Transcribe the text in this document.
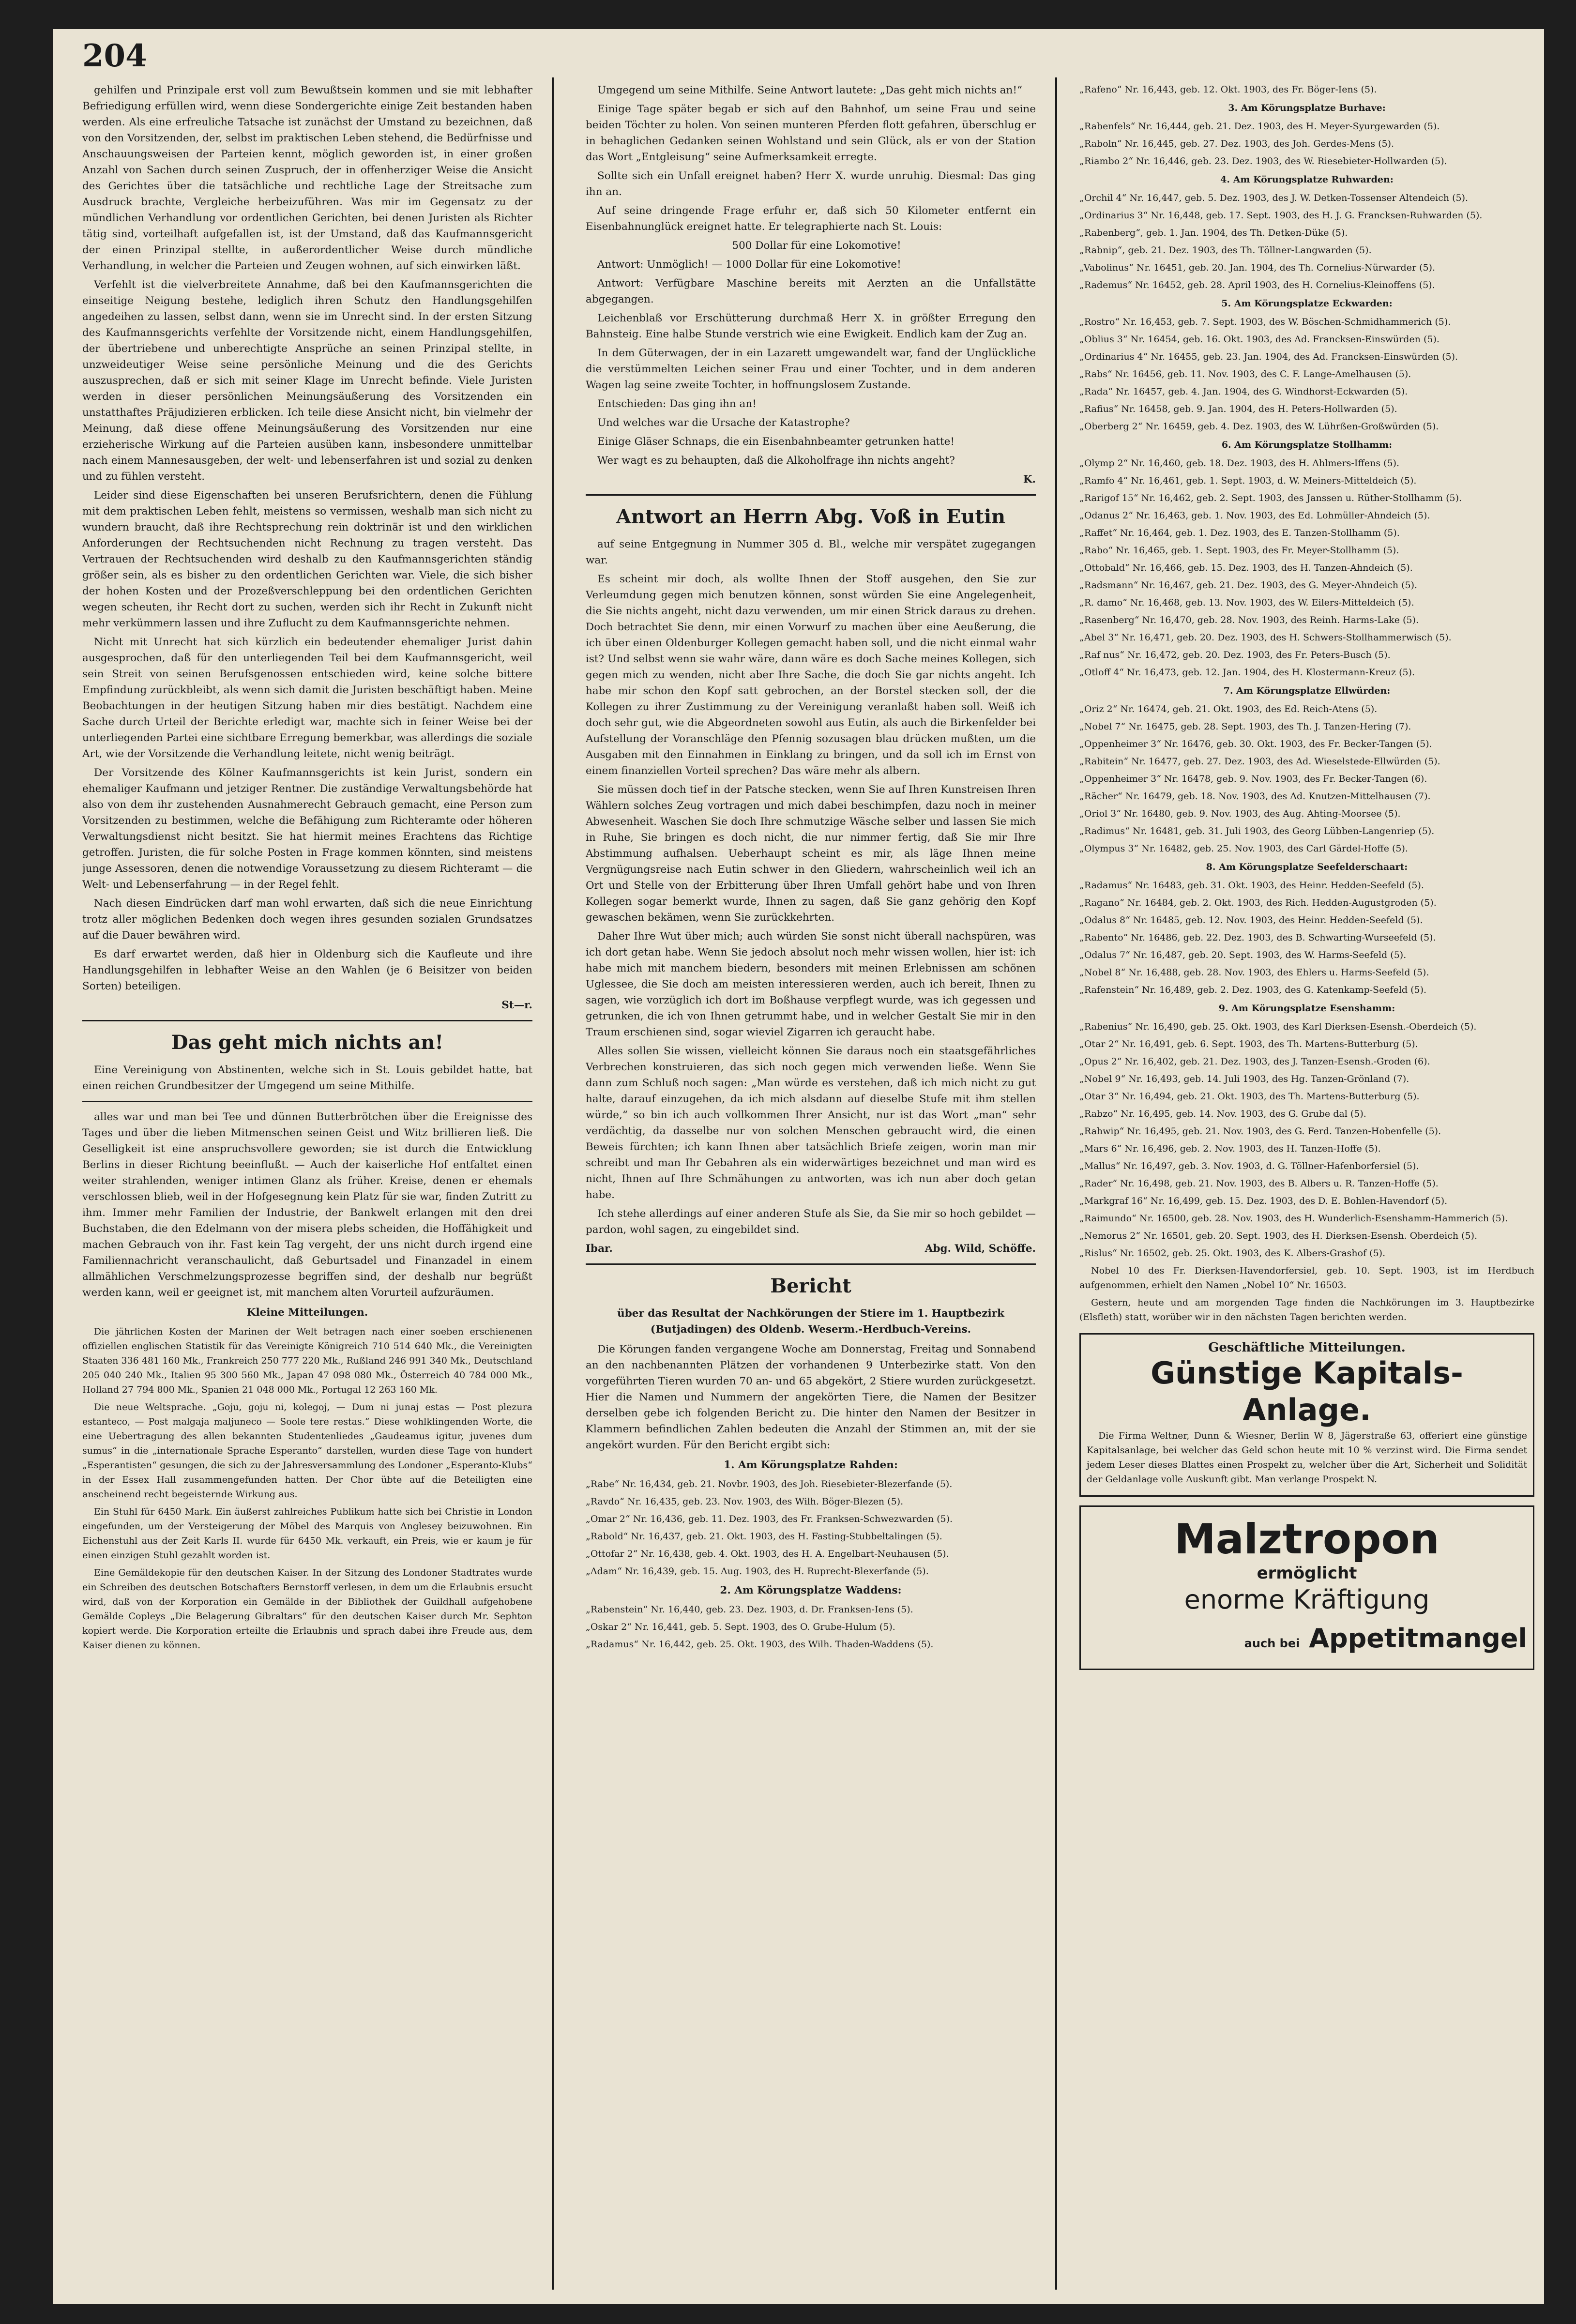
204

gehilfen und Prinzipale erst voll zum Bewußtsein kommen und sie mit lebhafter Befriedigung erfüllen wird, wenn diese Sondergerichte einige Zeit bestanden haben werden. Als eine erfreuliche Tatsache ist zunächst der Umstand zu bezeichnen, daß von den Vorsitzenden, der, selbst im praktischen Leben stehend, die Bedürfnisse und Anschauungsweisen der Parteien kennt, möglich geworden ist, in einer großen Anzahl von Sachen durch seinen Zuspruch, der in offenherziger Weise die Ansicht des Gerichtes über die tatsächliche und rechtliche Lage der Streitsache zum Ausdruck brachte, Vergleiche herbeizuführen. Was mir im Gegensatz zu der mündlichen Verhandlung vor ordentlichen Gerichten, bei denen Juristen als Richter tätig sind, vorteilhaft aufgefallen ist, ist der Umstand, daß das Kaufmannsgericht der einen Prinzipal stellte, in außerordentlicher Weise durch mündliche Verhandlung, in welcher die Parteien und Zeugen wohnen, auf sich einwirken läßt.

Verfehlt ist die vielverbreitete Annahme, daß bei den Kaufmannsgerichten die einseitige Neigung bestehe, lediglich ihren Schutz den Handlungsgehilfen angedeihen zu lassen, selbst dann, wenn sie im Unrecht sind. In der ersten Sitzung des Kaufmannsgerichts verfehlte der Vorsitzende nicht, einem Handlungsgehilfen, der übertriebene und unberechtigte Ansprüche an seinen Prinzipal stellte, in unzweideutiger Weise seine persönliche Meinung und die des Gerichts auszusprechen, daß er sich mit seiner Klage im Unrecht befinde. Viele Juristen werden in dieser persönlichen Meinungsäußerung des Vorsitzenden ein unstatthaftes Präjudizieren erblicken. Ich teile diese Ansicht nicht, bin vielmehr der Meinung, daß diese offene Meinungsäußerung des Vorsitzenden nur eine erzieherische Wirkung auf die Parteien ausüben kann, insbesondere unmittelbar nach einem Mannesausgeben, der welt- und lebenserfahren ist und sozial zu denken und zu fühlen versteht.

Leider sind diese Eigenschaften bei unseren Berufsrichtern, denen die Fühlung mit dem praktischen Leben fehlt, meistens so vermissen, weshalb man sich nicht zu wundern braucht, daß ihre Rechtsprechung rein doktrinär ist und den wirklichen Anforderungen der Rechtsuchenden nicht Rechnung zu tragen versteht. Das Vertrauen der Rechtsuchenden wird deshalb zu den Kaufmannsgerichten ständig größer sein, als es bisher zu den ordentlichen Gerichten war. Viele, die sich bisher der hohen Kosten und der Prozeßverschleppung bei den ordentlichen Gerichten wegen scheuten, ihr Recht dort zu suchen, werden sich ihr Recht in Zukunft nicht mehr verkümmern lassen und ihre Zuflucht zu dem Kaufmannsgerichte nehmen.

Nicht mit Unrecht hat sich kürzlich ein bedeutender ehemaliger Jurist dahin ausgesprochen, daß für den unterliegenden Teil bei dem Kaufmannsgericht, weil sein Streit von seinen Berufsgenossen entschieden wird, keine solche bittere Empfindung zurückbleibt, als wenn sich damit die Juristen beschäftigt haben. Meine Beobachtungen in der heutigen Sitzung haben mir dies bestätigt. Nachdem eine Sache durch Urteil der Berichte erledigt war, machte sich in feiner Weise bei der unterliegenden Partei eine sichtbare Erregung bemerkbar, was allerdings die soziale Art, wie der Vorsitzende die Verhandlung leitete, nicht wenig beiträgt.

Der Vorsitzende des Kölner Kaufmannsgerichts ist kein Jurist, sondern ein ehemaliger Kaufmann und jetziger Rentner. Die zuständige Verwaltungsbehörde hat also von dem ihr zustehenden Ausnahmerecht Gebrauch gemacht, eine Person zum Vorsitzenden zu bestimmen, welche die Befähigung zum Richteramte oder höheren Verwaltungsdienst nicht besitzt. Sie hat hiermit meines Erachtens das Richtige getroffen. Juristen, die für solche Posten in Frage kommen könnten, sind meistens junge Assessoren, denen die notwendige Voraussetzung zu diesem Richteramt — die Welt- und Lebenserfahrung — in der Regel fehlt.

Nach diesen Eindrücken darf man wohl erwarten, daß sich die neue Einrichtung trotz aller möglichen Bedenken doch wegen ihres gesunden sozialen Grundsatzes auf die Dauer bewähren wird.

Es darf erwartet werden, daß hier in Oldenburg sich die Kaufleute und ihre Handlungsgehilfen in lebhafter Weise an den Wahlen (je 6 Beisitzer von beiden Sorten) beteiligen.

St—r.
Das geht mich nichts an!

Eine Vereinigung von Abstinenten, welche sich in St. Louis gebildet hatte, bat einen reichen Grundbesitzer der Umgegend um seine Mithilfe.

alles war und man bei Tee und dünnen Butterbrötchen über die Ereignisse des Tages und über die lieben Mitmenschen seinen Geist und Witz brillieren ließ. Die Geselligkeit ist eine anspruchsvollere geworden; sie ist durch die Entwicklung Berlins in dieser Richtung beeinflußt. — Auch der kaiserliche Hof entfaltet einen weiter strahlenden, weniger intimen Glanz als früher. Kreise, denen er ehemals verschlossen blieb, weil in der Hofgesegnung kein Platz für sie war, finden Zutritt zu ihm. Immer mehr Familien der Industrie, der Bankwelt erlangen mit den drei Buchstaben, die den Edelmann von der misera plebs scheiden, die Hoffähigkeit und machen Gebrauch von ihr. Fast kein Tag vergeht, der uns nicht durch irgend eine Familiennachricht veranschaulicht, daß Geburtsadel und Finanzadel in einem allmählichen Verschmelzungsprozesse begriffen sind, der deshalb nur begrüßt werden kann, weil er geeignet ist, mit manchem alten Vorurteil aufzuräumen.

Kleine Mitteilungen.

Die jährlichen Kosten der Marinen der Welt betragen nach einer soeben erschienenen offiziellen englischen Statistik für das Vereinigte Königreich 710 514 640 Mk., die Vereinigten Staaten 336 481 160 Mk., Frankreich 250 777 220 Mk., Rußland 246 991 340 Mk., Deutschland 205 040 240 Mk., Italien 95 300 560 Mk., Japan 47 098 080 Mk., Österreich 40 784 000 Mk., Holland 27 794 800 Mk., Spanien 21 048 000 Mk., Portugal 12 263 160 Mk.

Die neue Weltsprache. „Goju, goju ni, kolegoj, — Dum ni junaj estas — Post plezura estanteco, — Post malgaja maljuneco — Soole tere restas.“ Diese wohlklingenden Worte, die eine Uebertragung des allen bekannten Studentenliedes „Gaudeamus igitur, juvenes dum sumus“ in die „internationale Sprache Esperanto“ darstellen, wurden diese Tage von hundert „Esperantisten“ gesungen, die sich zu der Jahresversammlung des Londoner „Esperanto-Klubs“ in der Essex Hall zusammengefunden hatten. Der Chor übte auf die Beteiligten eine anscheinend recht begeisternde Wirkung aus.

Ein Stuhl für 6450 Mark. Ein äußerst zahlreiches Publikum hatte sich bei Christie in London eingefunden, um der Versteigerung der Möbel des Marquis von Anglesey beizuwohnen. Ein Eichenstuhl aus der Zeit Karls II. wurde für 6450 Mk. verkauft, ein Preis, wie er kaum je für einen einzigen Stuhl gezahlt worden ist.

Eine Gemäldekopie für den deutschen Kaiser. In der Sitzung des Londoner Stadtrates wurde ein Schreiben des deutschen Botschafters Bernstorff verlesen, in dem um die Erlaubnis ersucht wird, daß von der Korporation ein Gemälde in der Bibliothek der Guildhall aufgehobene Gemälde Copleys „Die Belagerung Gibraltars“ für den deutschen Kaiser durch Mr. Sephton kopiert werde. Die Korporation erteilte die Erlaubnis und sprach dabei ihre Freude aus, dem Kaiser dienen zu können.

Umgegend um seine Mithilfe. Seine Antwort lautete: „Das geht mich nichts an!“

Einige Tage später begab er sich auf den Bahnhof, um seine Frau und seine beiden Töchter zu holen. Von seinen munteren Pferden flott gefahren, überschlug er in behaglichen Gedanken seinen Wohlstand und sein Glück, als er von der Station das Wort „Entgleisung“ seine Aufmerksamkeit erregte.

Sollte sich ein Unfall ereignet haben? Herr X. wurde unruhig. Diesmal: Das ging ihn an.

Auf seine dringende Frage erfuhr er, daß sich 50 Kilometer entfernt ein Eisenbahnunglück ereignet hatte. Er telegraphierte nach St. Louis:

500 Dollar für eine Lokomotive!

Antwort: Unmöglich! — 1000 Dollar für eine Lokomotive!

Antwort: Verfügbare Maschine bereits mit Aerzten an die Unfallstätte abgegangen.

Leichenblaß vor Erschütterung durchmaß Herr X. in größter Erregung den Bahnsteig. Eine halbe Stunde verstrich wie eine Ewigkeit. Endlich kam der Zug an.

In dem Güterwagen, der in ein Lazarett umgewandelt war, fand der Unglückliche die verstümmelten Leichen seiner Frau und einer Tochter, und in dem anderen Wagen lag seine zweite Tochter, in hoffnungslosem Zustande.

Entschieden: Das ging ihn an!

Und welches war die Ursache der Katastrophe?

Einige Gläser Schnaps, die ein Eisenbahnbeamter getrunken hatte!

Wer wagt es zu behaupten, daß die Alkoholfrage ihn nichts angeht?

K.
Antwort an Herrn Abg. Voß in Eutin

auf seine Entgegnung in Nummer 305 d. Bl., welche mir verspätet zugegangen war.

Es scheint mir doch, als wollte Ihnen der Stoff ausgehen, den Sie zur Verleumdung gegen mich benutzen können, sonst würden Sie eine Angelegenheit, die Sie nichts angeht, nicht dazu verwenden, um mir einen Strick daraus zu drehen. Doch betrachtet Sie denn, mir einen Vorwurf zu machen über eine Aeußerung, die ich über einen Oldenburger Kollegen gemacht haben soll, und die nicht einmal wahr ist? Und selbst wenn sie wahr wäre, dann wäre es doch Sache meines Kollegen, sich gegen mich zu wenden, nicht aber Ihre Sache, die doch Sie gar nichts angeht. Ich habe mir schon den Kopf satt gebrochen, an der Borstel stecken soll, der die Kollegen zu ihrer Zustimmung zu der Vereinigung veranlaßt haben soll. Weiß ich doch sehr gut, wie die Abgeordneten sowohl aus Eutin, als auch die Birkenfelder bei Aufstellung der Voranschläge den Pfennig sozusagen blau drücken mußten, um die Ausgaben mit den Einnahmen in Einklang zu bringen, und da soll ich im Ernst von einem finanziellen Vorteil sprechen? Das wäre mehr als albern.

Sie müssen doch tief in der Patsche stecken, wenn Sie auf Ihren Kunstreisen Ihren Wählern solches Zeug vortragen und mich dabei beschimpfen, dazu noch in meiner Abwesenheit. Waschen Sie doch Ihre schmutzige Wäsche selber und lassen Sie mich in Ruhe, Sie bringen es doch nicht, die nur nimmer fertig, daß Sie mir Ihre Abstimmung aufhalsen. Ueberhaupt scheint es mir, als läge Ihnen meine Vergnügungsreise nach Eutin schwer in den Gliedern, wahrscheinlich weil ich an Ort und Stelle von der Erbitterung über Ihren Umfall gehört habe und von Ihren Kollegen sogar bemerkt wurde, Ihnen zu sagen, daß Sie ganz gehörig den Kopf gewaschen bekämen, wenn Sie zurückkehrten.

Daher Ihre Wut über mich; auch würden Sie sonst nicht überall nachspüren, was ich dort getan habe. Wenn Sie jedoch absolut noch mehr wissen wollen, hier ist: ich habe mich mit manchem biedern, besonders mit meinen Erlebnissen am schönen Uglessee, die Sie doch am meisten interessieren werden, auch ich bereit, Ihnen zu sagen, wie vorzüglich ich dort im Boßhause verpflegt wurde, was ich gegessen und getrunken, die ich von Ihnen getrummt habe, und in welcher Gestalt Sie mir in den Traum erschienen sind, sogar wieviel Zigarren ich geraucht habe.

Alles sollen Sie wissen, vielleicht können Sie daraus noch ein staatsgefährliches Verbrechen konstruieren, das sich noch gegen mich verwenden ließe. Wenn Sie dann zum Schluß noch sagen: „Man würde es verstehen, daß ich mich nicht zu gut halte, darauf einzugehen, da ich mich alsdann auf dieselbe Stufe mit ihm stellen würde,“ so bin ich auch vollkommen Ihrer Ansicht, nur ist das Wort „man“ sehr verdächtig, da dasselbe nur von solchen Menschen gebraucht wird, die einen Beweis fürchten; ich kann Ihnen aber tatsächlich Briefe zeigen, worin man mir schreibt und man Ihr Gebahren als ein widerwärtiges bezeichnet und man wird es nicht, Ihnen auf Ihre Schmähungen zu antworten, was ich nun aber doch getan habe.

Ich stehe allerdings auf einer anderen Stufe als Sie, da Sie mir so hoch gebildet — pardon, wohl sagen, zu eingebildet sind.

Ibar.	Abg. Wild, Schöffe.
Bericht
über das Resultat der Nachkörungen der Stiere im 1. Hauptbezirk (Butjadingen) des Oldenb. Weserm.-Herdbuch-Vereins.

Die Körungen fanden vergangene Woche am Donnerstag, Freitag und Sonnabend an den nachbenannten Plätzen der vorhandenen 9 Unterbezirke statt. Von den vorgeführten Tieren wurden 70 an- und 65 abgekört, 2 Stiere wurden zurückgesetzt. Hier die Namen und Nummern der angekörten Tiere, die Namen der Besitzer derselben gebe ich folgenden Bericht zu. Die hinter den Namen der Besitzer in Klammern befindlichen Zahlen bedeuten die Anzahl der Stimmen an, mit der sie angekört wurden. Für den Bericht ergibt sich:

1. Am Körungsplatze Rahden:

„Rabe“ Nr. 16,434, geb. 21. Novbr. 1903, des Joh. Riesebieter-Blezerfande (5).

„Ravdo“ Nr. 16,435, geb. 23. Nov. 1903, des Wilh. Böger-Blezen (5).

„Omar 2“ Nr. 16,436, geb. 11. Dez. 1903, des Fr. Franksen-Schwezwarden (5).

„Rabold“ Nr. 16,437, geb. 21. Okt. 1903, des H. Fasting-Stubbeltalingen (5).

„Ottofar 2“ Nr. 16,438, geb. 4. Okt. 1903, des H. A. Engelbart-Neuhausen (5).

„Adam“ Nr. 16,439, geb. 15. Aug. 1903, des H. Ruprecht-Blexerfande (5).

2. Am Körungsplatze Waddens:

„Rabenstein“ Nr. 16,440, geb. 23. Dez. 1903, d. Dr. Franksen-Iens (5).

„Oskar 2“ Nr. 16,441, geb. 5. Sept. 1903, des O. Grube-Hulum (5).

„Radamus“ Nr. 16,442, geb. 25. Okt. 1903, des Wilh. Thaden-Waddens (5).

„Rafeno“ Nr. 16,443, geb. 12. Okt. 1903, des Fr. Böger-Iens (5).

3. Am Körungsplatze Burhave:

„Rabenfels“ Nr. 16,444, geb. 21. Dez. 1903, des H. Meyer-Syurgewarden (5).

„Raboln“ Nr. 16,445, geb. 27. Dez. 1903, des Joh. Gerdes-Mens (5).

„Riambo 2“ Nr. 16,446, geb. 23. Dez. 1903, des W. Riesebieter-Hollwarden (5).

4. Am Körungsplatze Ruhwarden:

„Orchil 4“ Nr. 16,447, geb. 5. Dez. 1903, des J. W. Detken-Tossenser Altendeich (5).

„Ordinarius 3“ Nr. 16,448, geb. 17. Sept. 1903, des H. J. G. Francksen-Ruhwarden (5).

„Rabenberg“, geb. 1. Jan. 1904, des Th. Detken-Düke (5).

„Rabnip“, geb. 21. Dez. 1903, des Th. Töllner-Langwarden (5).

„Vabolinus“ Nr. 16451, geb. 20. Jan. 1904, des Th. Cornelius-Nürwarder (5).

„Rademus“ Nr. 16452, geb. 28. April 1903, des H. Cornelius-Kleinoffens (5).

5. Am Körungsplatze Eckwarden:

„Rostro“ Nr. 16,453, geb. 7. Sept. 1903, des W. Böschen-Schmidhammerich (5).

„Oblius 3“ Nr. 16454, geb. 16. Okt. 1903, des Ad. Francksen-Einswürden (5).

„Ordinarius 4“ Nr. 16455, geb. 23. Jan. 1904, des Ad. Francksen-Einswürden (5).

„Rabs“ Nr. 16456, geb. 11. Nov. 1903, des C. F. Lange-Amelhausen (5).

„Rada“ Nr. 16457, geb. 4. Jan. 1904, des G. Windhorst-Eckwarden (5).

„Rafius“ Nr. 16458, geb. 9. Jan. 1904, des H. Peters-Hollwarden (5).

„Oberberg 2“ Nr. 16459, geb. 4. Dez. 1903, des W. Lührßen-Großwürden (5).

6. Am Körungsplatze Stollhamm:

„Olymp 2“ Nr. 16,460, geb. 18. Dez. 1903, des H. Ahlmers-Iffens (5).

„Ramfo 4“ Nr. 16,461, geb. 1. Sept. 1903, d. W. Meiners-Mitteldeich (5).

„Rarigof 15“ Nr. 16,462, geb. 2. Sept. 1903, des Janssen u. Rüther-Stollhamm (5).

„Odanus 2“ Nr. 16,463, geb. 1. Nov. 1903, des Ed. Lohmüller-Ahndeich (5).

„Raffet“ Nr. 16,464, geb. 1. Dez. 1903, des E. Tanzen-Stollhamm (5).

„Rabo“ Nr. 16,465, geb. 1. Sept. 1903, des Fr. Meyer-Stollhamm (5).

„Ottobald“ Nr. 16,466, geb. 15. Dez. 1903, des H. Tanzen-Ahndeich (5).

„Radsmann“ Nr. 16,467, geb. 21. Dez. 1903, des G. Meyer-Ahndeich (5).

„R. damo“ Nr. 16,468, geb. 13. Nov. 1903, des W. Eilers-Mitteldeich (5).

„Rasenberg“ Nr. 16,470, geb. 28. Nov. 1903, des Reinh. Harms-Lake (5).

„Abel 3“ Nr. 16,471, geb. 20. Dez. 1903, des H. Schwers-Stollhammerwisch (5).

„Raf nus“ Nr. 16,472, geb. 20. Dez. 1903, des Fr. Peters-Busch (5).

„Otloff 4“ Nr. 16,473, geb. 12. Jan. 1904, des H. Klostermann-Kreuz (5).

7. Am Körungsplatze Ellwürden:

„Oriz 2“ Nr. 16474, geb. 21. Okt. 1903, des Ed. Reich-Atens (5).

„Nobel 7“ Nr. 16475, geb. 28. Sept. 1903, des Th. J. Tanzen-Hering (7).

„Oppenheimer 3“ Nr. 16476, geb. 30. Okt. 1903, des Fr. Becker-Tangen (5).

„Rabitein“ Nr. 16477, geb. 27. Dez. 1903, des Ad. Wieselstede-Ellwürden (5).

„Oppenheimer 3“ Nr. 16478, geb. 9. Nov. 1903, des Fr. Becker-Tangen (6).

„Rächer“ Nr. 16479, geb. 18. Nov. 1903, des Ad. Knutzen-Mittelhausen (7).

„Oriol 3“ Nr. 16480, geb. 9. Nov. 1903, des Aug. Ahting-Moorsee (5).

„Radimus“ Nr. 16481, geb. 31. Juli 1903, des Georg Lübben-Langenriep (5).

„Olympus 3“ Nr. 16482, geb. 25. Nov. 1903, des Carl Gärdel-Hoffe (5).

8. Am Körungsplatze Seefelderschaart:

„Radamus“ Nr. 16483, geb. 31. Okt. 1903, des Heinr. Hedden-Seefeld (5).

„Ragano“ Nr. 16484, geb. 2. Okt. 1903, des Rich. Hedden-Augustgroden (5).

„Odalus 8“ Nr. 16485, geb. 12. Nov. 1903, des Heinr. Hedden-Seefeld (5).

„Rabento“ Nr. 16486, geb. 22. Dez. 1903, des B. Schwarting-Wurseefeld (5).

„Odalus 7“ Nr. 16,487, geb. 20. Sept. 1903, des W. Harms-Seefeld (5).

„Nobel 8“ Nr. 16,488, geb. 28. Nov. 1903, des Ehlers u. Harms-Seefeld (5).

„Rafenstein“ Nr. 16,489, geb. 2. Dez. 1903, des G. Katenkamp-Seefeld (5).

9. Am Körungsplatze Esenshamm:

„Rabenius“ Nr. 16,490, geb. 25. Okt. 1903, des Karl Dierksen-Esensh.-Oberdeich (5).

„Otar 2“ Nr. 16,491, geb. 6. Sept. 1903, des Th. Martens-Butterburg (5).

„Opus 2“ Nr. 16,402, geb. 21. Dez. 1903, des J. Tanzen-Esensh.-Groden (6).

„Nobel 9“ Nr. 16,493, geb. 14. Juli 1903, des Hg. Tanzen-Grönland (7).

„Otar 3“ Nr. 16,494, geb. 21. Okt. 1903, des Th. Martens-Butterburg (5).

„Rabzo“ Nr. 16,495, geb. 14. Nov. 1903, des G. Grube dal (5).

„Rahwip“ Nr. 16,495, geb. 21. Nov. 1903, des G. Ferd. Tanzen-Hobenfelle (5).

„Mars 6“ Nr. 16,496, geb. 2. Nov. 1903, des H. Tanzen-Hoffe (5).

„Mallus“ Nr. 16,497, geb. 3. Nov. 1903, d. G. Töllner-Hafenborfersiel (5).

„Rader“ Nr. 16,498, geb. 21. Nov. 1903, des B. Albers u. R. Tanzen-Hoffe (5).

„Markgraf 16“ Nr. 16,499, geb. 15. Dez. 1903, des D. E. Bohlen-Havendorf (5).

„Raimundo“ Nr. 16500, geb. 28. Nov. 1903, des H. Wunderlich-Esenshamm-Hammerich (5).

„Nemorus 2“ Nr. 16501, geb. 20. Sept. 1903, des H. Dierksen-Esensh. Oberdeich (5).

„Rislus“ Nr. 16502, geb. 25. Okt. 1903, des K. Albers-Grashof (5).

Nobel 10 des Fr. Dierksen-Havendorfersiel, geb. 10. Sept. 1903, ist im Herdbuch aufgenommen, erhielt den Namen „Nobel 10“ Nr. 16503.

Gestern, heute und am morgenden Tage finden die Nachkörungen im 3. Hauptbezirke (Elsfleth) statt, worüber wir in den nächsten Tagen berichten werden.

Geschäftliche Mitteilungen.
Günstige Kapitals-Anlage.

Die Firma Weltner, Dunn & Wiesner, Berlin W 8, Jägerstraße 63, offeriert eine günstige Kapitalsanlage, bei welcher das Geld schon heute mit 10 % verzinst wird. Die Firma sendet jedem Leser dieses Blattes einen Prospekt zu, welcher über die Art, Sicherheit und Solidität der Geldanlage volle Auskunft gibt. Man verlange Prospekt N.

Malztropon
ermöglicht
enorme Kräftigung
auch bei Appetitmangel
